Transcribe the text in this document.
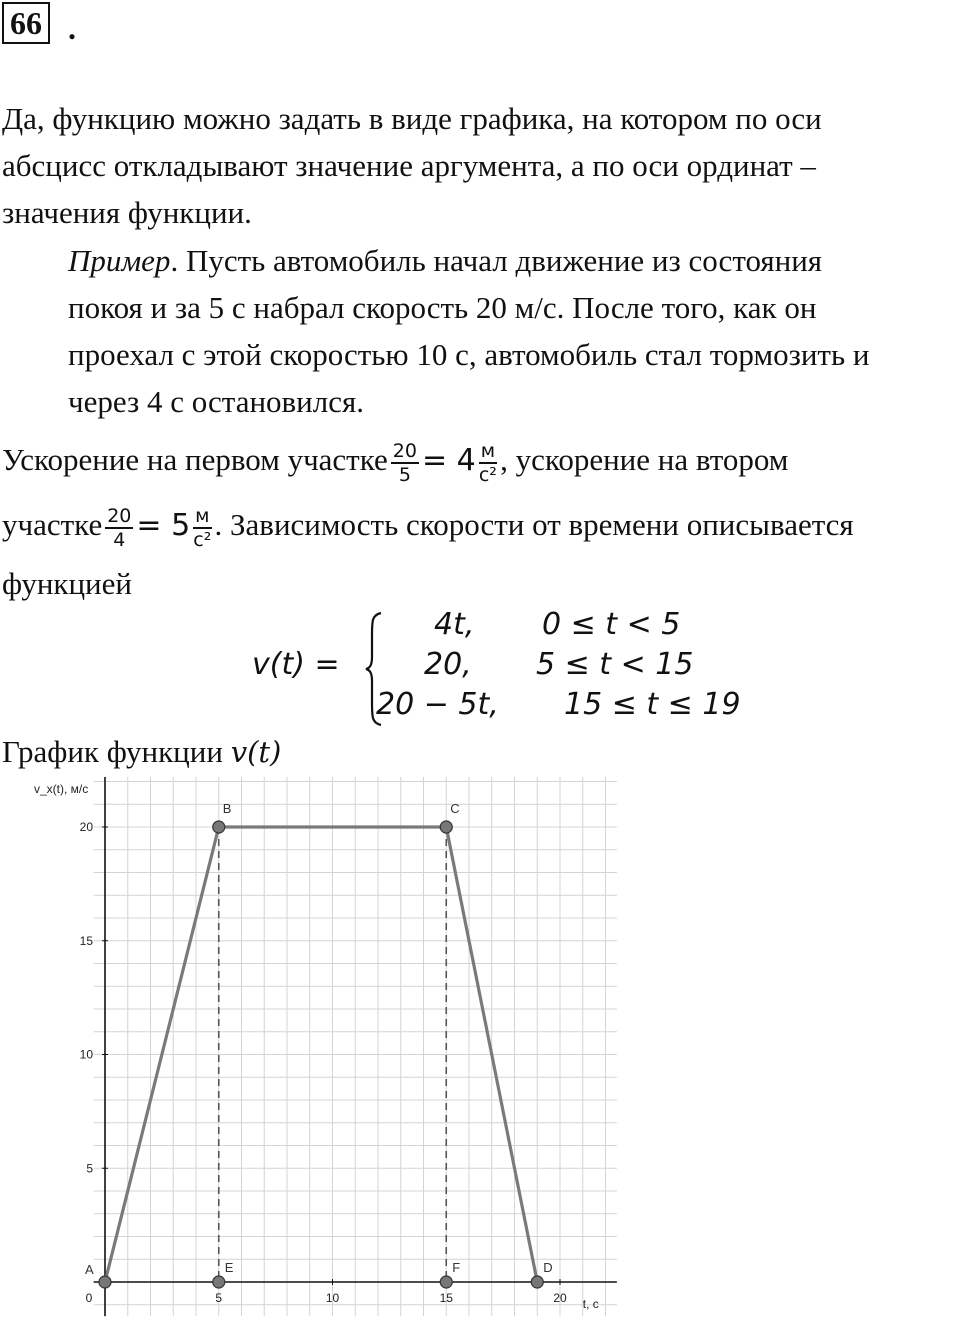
66 .
Да, функцию можно задать в виде графика, на котором по оси
абсцисс откладывают значение аргумента, а по оси ординат –
значения функции.
Пример. Пусть автомобиль начал движение из состояния
покоя и за 5 с набрал скорость 20 м/с. После того, как он
проехал с этой скоростью 10 с, автомобиль стал тормозить и
через 4 с остановился.
Ускорение на первом участке $\frac{20}{5} = 4 \frac{м}{\text{с²}}$ , ускорение на втором
участке $\frac{20}{4} = 5 \frac{м}{\text{с²}}$ . Зависимость скорости от времени описывается
функцией
v(t) =
4t, 0 ≤ t < 5
20, 5 ≤ t < 15
20 − 5t, 15 ≤ t ≤ 19
График функции v(t)
0	5	10	15	20
5
10
15
20
v_x(t), м/с
t, c
A
B	C
D
E	F
